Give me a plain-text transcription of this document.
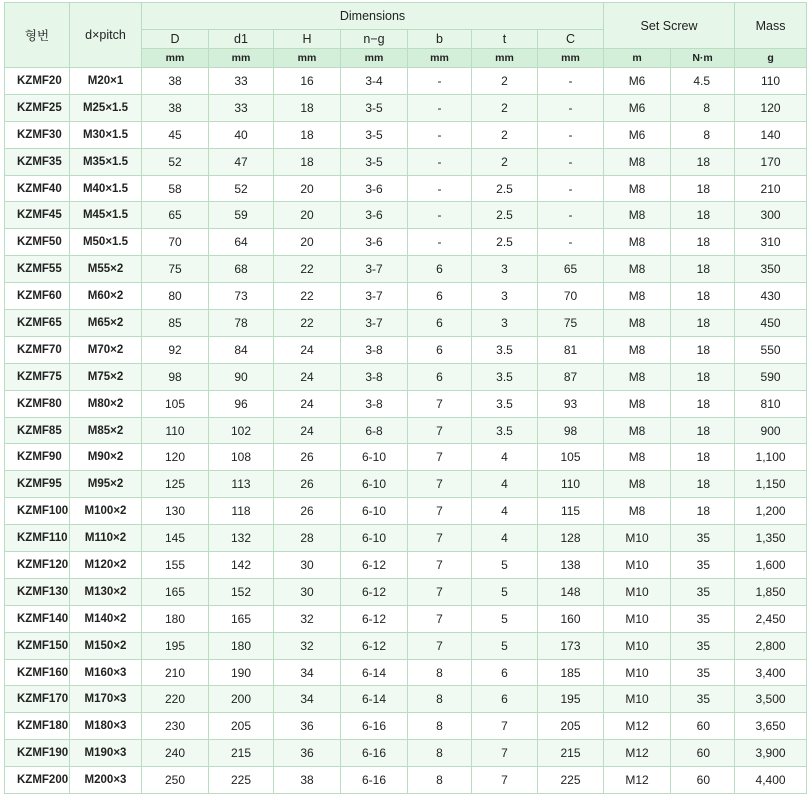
형번	d×pitch	Dimensions							Set Screw		Mass
		D	d1	H	n−g	b	t	C			
		mm	mm	mm	mm	mm	mm	mm	m	N·m	g
KZMF20	M20×1	38	33	16	3-4	-	2	-	M6	4.5	110
KZMF25	M25×1.5	38	33	18	3-5	-	2	-	M6	8	120
KZMF30	M30×1.5	45	40	18	3-5	-	2	-	M6	8	140
KZMF35	M35×1.5	52	47	18	3-5	-	2	-	M8	18	170
KZMF40	M40×1.5	58	52	20	3-6	-	2.5	-	M8	18	210
KZMF45	M45×1.5	65	59	20	3-6	-	2.5	-	M8	18	300
KZMF50	M50×1.5	70	64	20	3-6	-	2.5	-	M8	18	310
KZMF55	M55×2	75	68	22	3-7	6	3	65	M8	18	350
KZMF60	M60×2	80	73	22	3-7	6	3	70	M8	18	430
KZMF65	M65×2	85	78	22	3-7	6	3	75	M8	18	450
KZMF70	M70×2	92	84	24	3-8	6	3.5	81	M8	18	550
KZMF75	M75×2	98	90	24	3-8	6	3.5	87	M8	18	590
KZMF80	M80×2	105	96	24	3-8	7	3.5	93	M8	18	810
KZMF85	M85×2	110	102	24	6-8	7	3.5	98	M8	18	900
KZMF90	M90×2	120	108	26	6-10	7	4	105	M8	18	1,100
KZMF95	M95×2	125	113	26	6-10	7	4	110	M8	18	1,150
KZMF100	M100×2	130	118	26	6-10	7	4	115	M8	18	1,200
KZMF110	M110×2	145	132	28	6-10	7	4	128	M10	35	1,350
KZMF120	M120×2	155	142	30	6-12	7	5	138	M10	35	1,600
KZMF130	M130×2	165	152	30	6-12	7	5	148	M10	35	1,850
KZMF140	M140×2	180	165	32	6-12	7	5	160	M10	35	2,450
KZMF150	M150×2	195	180	32	6-12	7	5	173	M10	35	2,800
KZMF160	M160×3	210	190	34	6-14	8	6	185	M10	35	3,400
KZMF170	M170×3	220	200	34	6-14	8	6	195	M10	35	3,500
KZMF180	M180×3	230	205	36	6-16	8	7	205	M12	60	3,650
KZMF190	M190×3	240	215	36	6-16	8	7	215	M12	60	3,900
KZMF200	M200×3	250	225	38	6-16	8	7	225	M12	60	4,400
